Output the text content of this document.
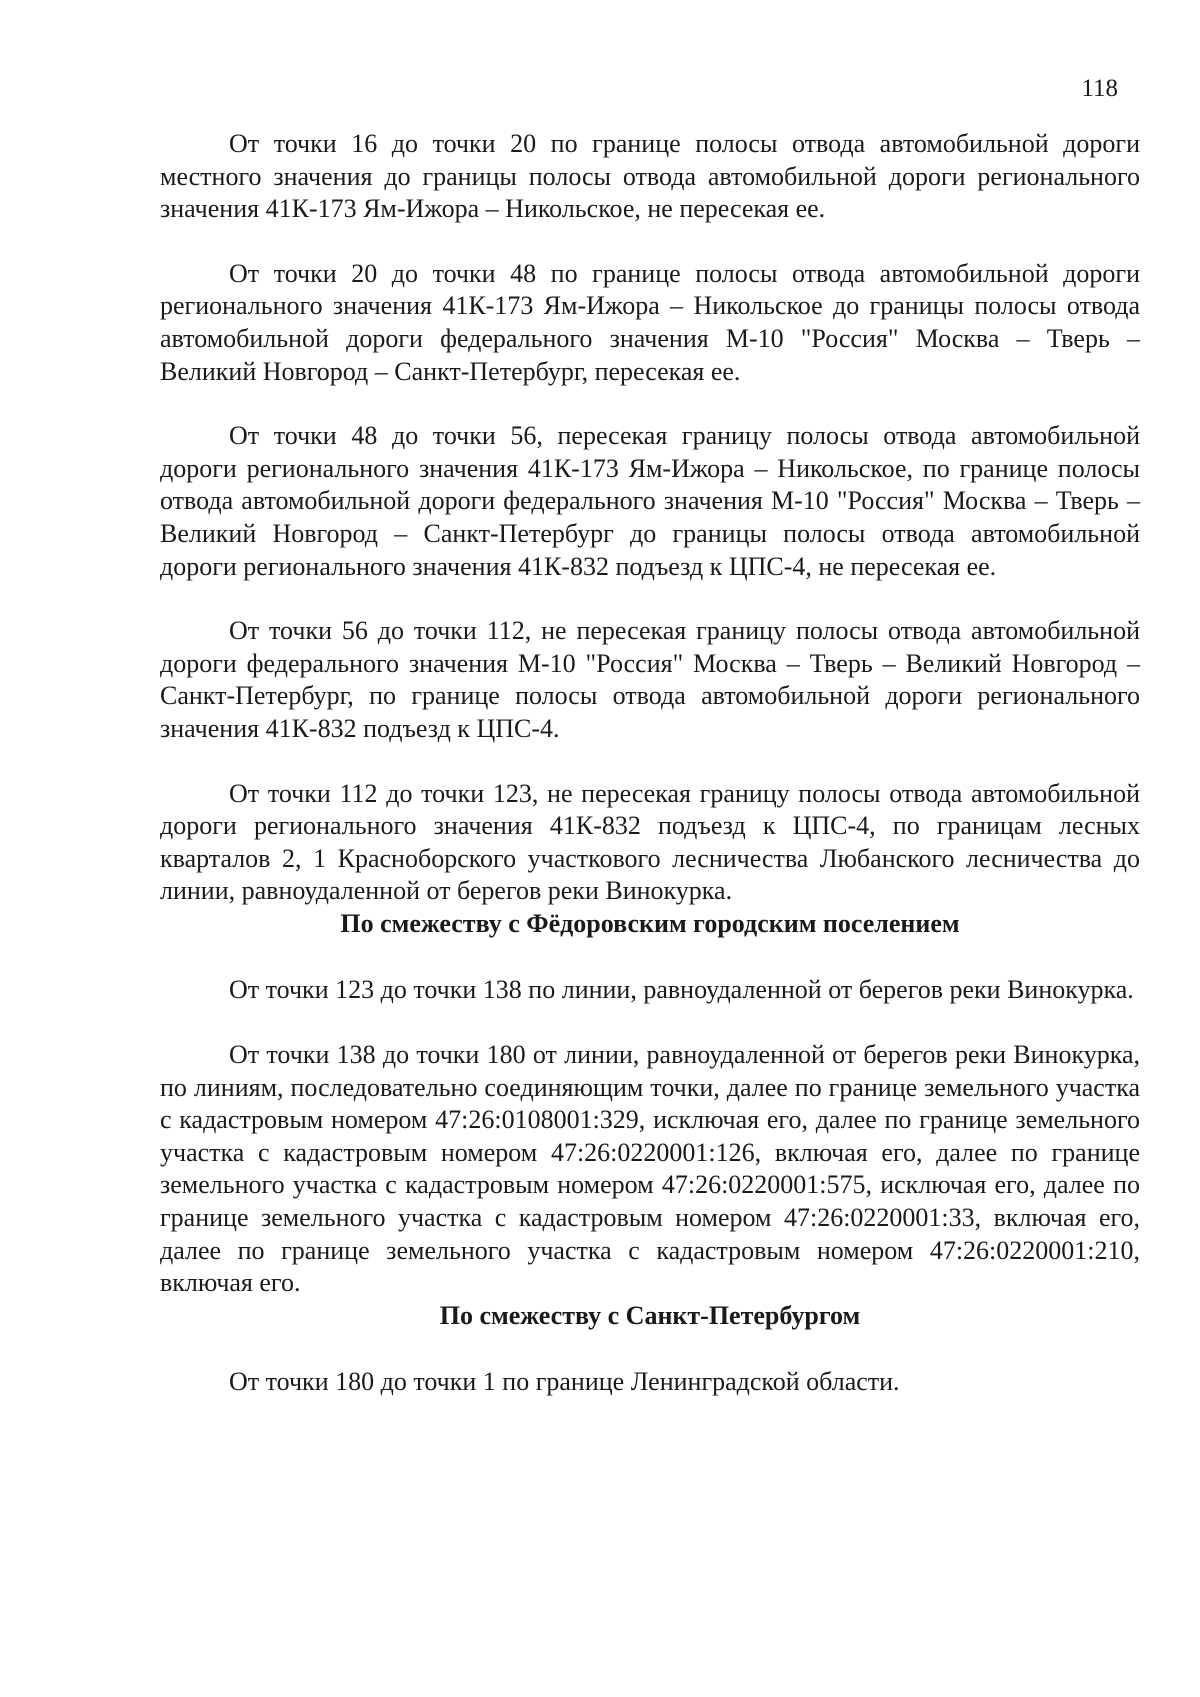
118

От точки 16 до точки 20 по границе полосы отвода автомобильной дороги местного значения до границы полосы отвода автомобильной дороги регионального значения 41К-173 Ям-Ижора – Никольское, не пересекая ее.

От точки 20 до точки 48 по границе полосы отвода автомобильной дороги регионального значения 41К-173 Ям-Ижора – Никольское до границы полосы отвода автомобильной дороги федерального значения М-10 "Россия" Москва – Тверь – Великий Новгород – Санкт-Петербург, пересекая ее.

От точки 48 до точки 56, пересекая границу полосы отвода автомобильной дороги регионального значения 41К-173 Ям-Ижора – Никольское, по границе полосы отвода автомобильной дороги федерального значения М-10 "Россия" Москва – Тверь – Великий Новгород – Санкт-Петербург до границы полосы отвода автомобильной дороги регионального значения 41К-832 подъезд к ЦПС-4, не пересекая ее.

От точки 56 до точки 112, не пересекая границу полосы отвода автомобильной дороги федерального значения М-10 "Россия" Москва – Тверь – Великий Новгород – Санкт-Петербург, по границе полосы отвода автомобильной дороги регионального значения 41К-832 подъезд к ЦПС-4.

От точки 112 до точки 123, не пересекая границу полосы отвода автомобильной дороги регионального значения 41К-832 подъезд к ЦПС-4, по границам лесных кварталов 2, 1 Красноборского участкового лесничества Любанского лесничества до линии, равноудаленной от берегов реки Винокурка.

По смежеству с Фёдоровским городским поселением

От точки 123 до точки 138 по линии, равноудаленной от берегов реки Винокурка.

От точки 138 до точки 180 от линии, равноудаленной от берегов реки Винокурка, по линиям, последовательно соединяющим точки, далее по границе земельного участка с кадастровым номером 47:26:0108001:329, исключая его, далее по границе земельного участка с кадастровым номером 47:26:0220001:126, включая его, далее по границе земельного участка с кадастровым номером 47:26:0220001:575, исключая его, далее по границе земельного участка с кадастровым номером 47:26:0220001:33, включая его, далее по границе земельного участка с кадастровым номером 47:26:0220001:210, включая его.

По смежеству с Санкт-Петербургом

От точки 180 до точки 1 по границе Ленинградской области.
